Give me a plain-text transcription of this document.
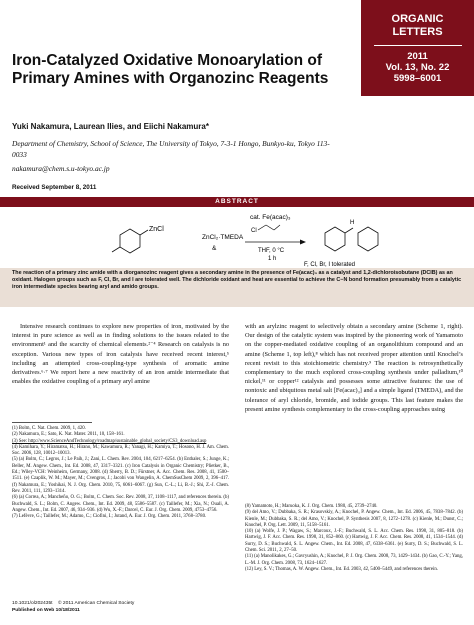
ORGANIC
LETTERS
2011
Vol. 13, No. 22
5998–6001
Iron-Catalyzed Oxidative Monoarylation of Primary Amines with Organozinc Reagents
Yuki Nakamura, Laurean Ilies, and Eiichi Nakamura*
Department of Chemistry, School of Science, The University of Tokyo, 7-3-1 Hongo, Bunkyo-ku, Tokyo 113-0033
nakamura@chem.s.u-tokyo.ac.jp
Received September 8, 2011
ABSTRACT
ZnCl
ZnCl₂·TMEDA
&
cat. Fe(acac)₃
Cl
THF, 0 °C
1 h
H
F, Cl, Br, I tolerated
The reaction of a primary zinc amide with a diorganozinc reagent gives a secondary amine in the presence of Fe(acac)₃ as a catalyst and 1,2-dichloroisobutane (DCIB) as an oxidant. Halogen groups such as F, Cl, Br, and I are tolerated well. The dichloride oxidant and heat are essential to achieve the C−N bond formation presumably from a catalytic iron intermediate species bearing aryl and amido groups.
Intensive research continues to explore new properties of iron, motivated by the interest in pure science as well as in finding solutions to the issues related to the environment¹ and the scarcity of chemical elements.²⁻⁴ Research on catalysis is no exception. Various new types of iron catalysis have received recent interest,⁵ including an attempted cross-coupling-type synthesis of aromatic amine derivatives.⁶·⁷ We report here a new reactivity of an iron amide intermediate that enables the oxidative coupling of a primary aryl amine
with an arylzinc reagent to selectively obtain a secondary amine (Scheme 1, right). Our design of the catalytic system was inspired by the pioneering work of Yamamoto on the copper-mediated oxidative coupling of an organolithium compound and an amine (Scheme 1, top left),⁸ which has not received proper attention until Knochel’s recent revisit to this stoichiometric chemistry.⁹ The reaction is retrosynthetically complementary to the much explored cross-coupling synthesis under palladium,¹⁰ nickel,¹¹ or copper¹² catalysis and possesses some attractive features: the use of nontoxic and ubiquitous metal salt [Fe(acac)₃] and a simple ligand (TMEDA), and the tolerance of aryl chloride, bromide, and iodide groups. This last feature makes the present amine synthesis complementary to the cross-coupling approaches using
(1) Bolm, C. Nat. Chem. 2009, 1, 420.
(2) Nakamura, E.; Sato, K. Nat. Mater. 2011, 10, 158–161.
(3) See: http://www.ScienceAndTechnology/roadmap/sustainable_global_society/CS3_download.asp
(4) Kamihara, Y.; Hiramatsu, H.; Hirano, M.; Kawamura, R.; Yanagi, H.; Kamiya, T.; Hosono, H. J. Am. Chem. Soc. 2006, 128, 10012–10013.
(5) (a) Bolm, C.; Legros, J.; Le Paih, J.; Zani, L. Chem. Rev. 2004, 104, 6217–6254. (b) Enthaler, S.; Junge, K.; Beller, M. Angew. Chem., Int. Ed. 2008, 47, 3317–3321. (c) Iron Catalysis in Organic Chemistry; Plietker, B., Ed.; Wiley-VCH: Weinheim, Germany, 2008. (d) Sherry, B. D.; Fürstner, A. Acc. Chem. Res. 2008, 41, 1500–1511. (e) Czaplik, W. M.; Mayer, M.; Cvengros, J.; Jacobi von Wangelin, A. ChemSusChem 2009, 2, 396–417. (f) Nakamura, E.; Yoshikai, N. J. Org. Chem. 2010, 75, 6061–6067. (g) Sun, C.-L.; Li, B.-J.; Shi, Z.-J. Chem. Rev. 2011, 111, 1293–1314.
(6) (a) Correa, A.; Mancheño, O. G.; Bolm, C. Chem. Soc. Rev. 2008, 37, 1108–1117, and references therein. (b) Buchwald, S. L.; Bolm, C. Angew. Chem., Int. Ed. 2009, 48, 5586–5587. (c) Taillefer, M.; Xia, N.; Ouali, A. Angew. Chem., Int. Ed. 2007, 46, 934–936. (d) Wu, X.-F.; Darcel, C. Eur. J. Org. Chem. 2009, 4753–4756.
(7) Lefèvre, G.; Taillefer, M.; Adamo, C.; Ciofini, I.; Jutand, A. Eur. J. Org. Chem. 2011, 3768–3780.
(8) Yamamoto, H.; Maruoka, K. J. Org. Chem. 1980, 45, 2739–2740.
(9) del Amo, V.; Dubbaka, S. R.; Krasovskiy, A.; Knochel, P. Angew. Chem., Int. Ed. 2006, 45, 7838–7842. (b) Kienle, M.; Dubbaka, S. R.; del Amo, V.; Knochel, P. Synthesis 2007, 8, 1272–1278. (c) Kienle, M.; Dunst, C.; Knochel, P. Org. Lett. 2009, 11, 5158–5161.
(10) (a) Wolfe, J. P.; Wagaw, S.; Marcoux, J.-F.; Buchwald, S. L. Acc. Chem. Res. 1998, 31, 805–818. (b) Hartwig, J. F. Acc. Chem. Res. 1998, 31, 852–860. (c) Hartwig, J. F. Acc. Chem. Res. 2008, 41, 1534–1544. (d) Surry, D. S.; Buchwald, S. L. Angew. Chem., Int. Ed. 2008, 47, 6338–6361. (e) Surry, D. S.; Buchwald, S. L. Chem. Sci. 2011, 2, 27–50.
(11) (a) Manolikakes, G.; Gavryushin, A.; Knochel, P. J. Org. Chem. 2008, 73, 1429–1434. (b) Gao, C.-Y.; Yang, L.-M. J. Org. Chem. 2008, 73, 1624–1627.
(12) Ley, S. V.; Thomas, A. W. Angew. Chem., Int. Ed. 2003, 42, 5400–5449, and references therein.
10.1021/ol202435t © 2011 American Chemical Society
Published on Web 10/18/2011
